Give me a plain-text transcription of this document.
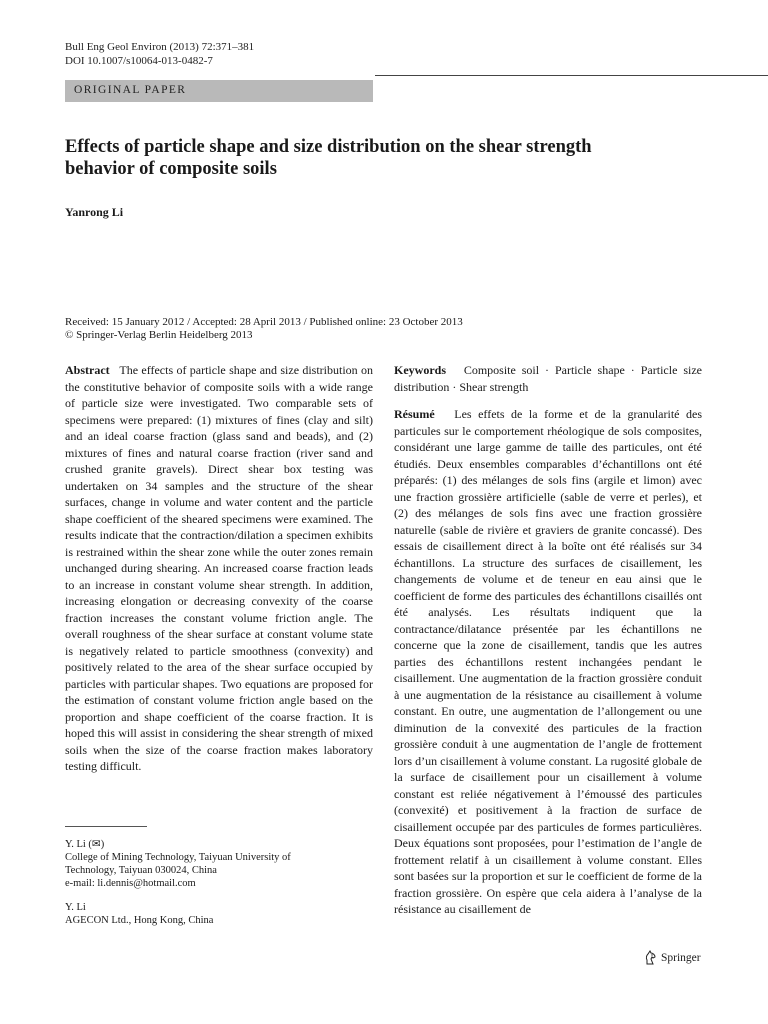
Bull Eng Geol Environ (2013) 72:371–381
DOI 10.1007/s10064-013-0482-7
ORIGINAL PAPER
Effects of particle shape and size distribution on the shear strength behavior of composite soils
Yanrong Li
Received: 15 January 2012 / Accepted: 28 April 2013 / Published online: 23 October 2013
© Springer-Verlag Berlin Heidelberg 2013
Abstract The effects of particle shape and size distribution on the constitutive behavior of composite soils with a wide range of particle size were investigated. Two comparable sets of specimens were prepared: (1) mixtures of fines (clay and silt) and an ideal coarse fraction (glass sand and beads), and (2) mixtures of fines and natural coarse fraction (river sand and crushed granite gravels). Direct shear box testing was undertaken on 34 samples and the structure of the shear surfaces, change in volume and water content and the particle shape coefficient of the sheared specimens were examined. The results indicate that the contraction/dilation a specimen exhibits is restrained within the shear zone while the outer zones remain unchanged during shearing. An increased coarse fraction leads to an increase in constant volume shear strength. In addition, increasing elongation or decreasing convexity of the coarse fraction increases the constant volume friction angle. The overall roughness of the shear surface at constant volume state is negatively related to particle smoothness (convexity) and positively related to the area of the shear surface occupied by particles with particular shapes. Two equations are proposed for the estimation of constant volume friction angle based on the proportion and shape coefficient of the coarse fraction. It is hoped this will assist in considering the shear strength of mixed soils when the size of the coarse fraction makes laboratory testing difficult.
Keywords Composite soil · Particle shape · Particle size distribution · Shear strength
Résumé Les effets de la forme et de la granularité des particules sur le comportement rhéologique de sols composites, considérant une large gamme de taille des particules, ont été étudiés. Deux ensembles comparables d’échantillons ont été préparés: (1) des mélanges de sols fins (argile et limon) avec une fraction grossière artificielle (sable de verre et perles), et (2) des mélanges de sols fins avec une fraction grossière naturelle (sable de rivière et graviers de granite concassé). Des essais de cisaillement direct à la boîte ont été réalisés sur 34 échantillons. La structure des surfaces de cisaillement, les changements de volume et de teneur en eau ainsi que le coefficient de forme des particules des échantillons cisaillés ont été analysés. Les résultats indiquent que la contractance/dilatance présentée par les échantillons ne concerne que la zone de cisaillement, tandis que les autres parties des échantillons restent inchangées pendant le cisaillement. Une augmentation de la fraction grossière conduit à une augmentation de la résistance au cisaillement à volume constant. En outre, une augmentation de l’allongement ou une diminution de la convexité des particules de la fraction grossière conduit à une augmentation de l’angle de frottement lors d’un cisaillement à volume constant. La rugosité globale de la surface de cisaillement pour un cisaillement à volume constant est reliée négativement à l’émoussé des particules (convexité) et positivement à la fraction de surface de cisaillement occupée par des particules de formes particulières. Deux équations sont proposées, pour l’estimation de l’angle de frottement relatif à un cisaillement à volume constant. Elles sont basées sur la proportion et sur le coefficient de forme de la fraction grossière. On espère que cela aidera à l’analyse de la résistance au cisaillement de
Y. Li (✉)
College of Mining Technology, Taiyuan University of
Technology, Taiyuan 030024, China
e-mail: li.dennis@hotmail.com
Y. Li
AGECON Ltd., Hong Kong, China
Springer
